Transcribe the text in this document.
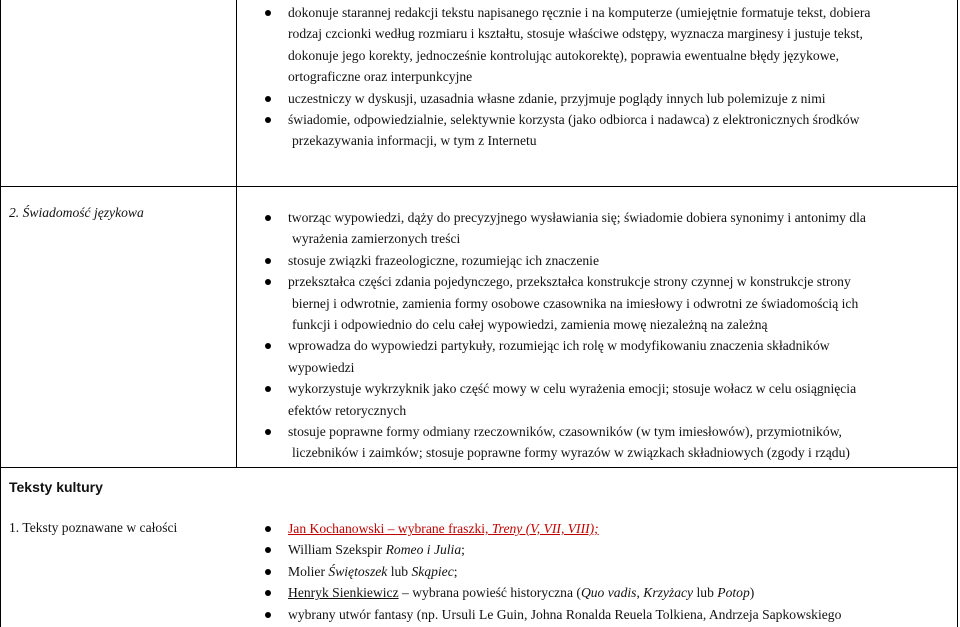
dokonuje starannej redakcji tekstu napisanego ręcznie i na komputerze (umiejętnie formatuje tekst, dobiera
rodzaj czcionki według rozmiaru i kształtu, stosuje właściwe odstępy, wyznacza marginesy i justuje tekst,
dokonuje jego korekty, jednocześnie kontrolując autokorektę), poprawia ewentualne błędy językowe,
ortograficzne oraz interpunkcyjne
uczestniczy w dyskusji, uzasadnia własne zdanie, przyjmuje poglądy innych lub polemizuje z nimi
świadomie, odpowiedzialnie, selektywnie korzysta (jako odbiorca i nadawca) z elektronicznych środków
przekazywania informacji, w tym z Internetu
2. Świadomość językowa	tworząc wypowiedzi, dąży do precyzyjnego wysławiania się; świadomie dobiera synonimy i antonimy dla
wyrażenia zamierzonych treści
stosuje związki frazeologiczne, rozumiejąc ich znaczenie
przekształca części zdania pojedynczego, przekształca konstrukcje strony czynnej w konstrukcje strony
biernej i odwrotnie, zamienia formy osobowe czasownika na imiesłowy i odwrotni ze świadomością ich
funkcji i odpowiednio do celu całej wypowiedzi, zamienia mowę niezależną na zależną
wprowadza do wypowiedzi partykuły, rozumiejąc ich rolę w modyfikowaniu znaczenia składników
wypowiedzi
wykorzystuje wykrzyknik jako część mowy w celu wyrażenia emocji; stosuje wołacz w celu osiągnięcia
efektów retorycznych
stosuje poprawne formy odmiany rzeczowników, czasowników (w tym imiesłowów), przymiotników,
liczebników i zaimków; stosuje poprawne formy wyrazów w związkach składniowych (zgody i rządu)
Teksty kultury
1. Teksty poznawane w całości	Jan Kochanowski – wybrane fraszki, Treny (V, VII, VIII);
William Szekspir Romeo i Julia;
Molier Świętoszek lub Skąpiec;
Henryk Sienkiewicz – wybrana powieść historyczna (Quo vadis, Krzyżacy lub Potop)
wybrany utwór fantasy (np. Ursuli Le Guin, Johna Ronalda Reuela Tolkiena, Andrzeja Sapkowskiego
